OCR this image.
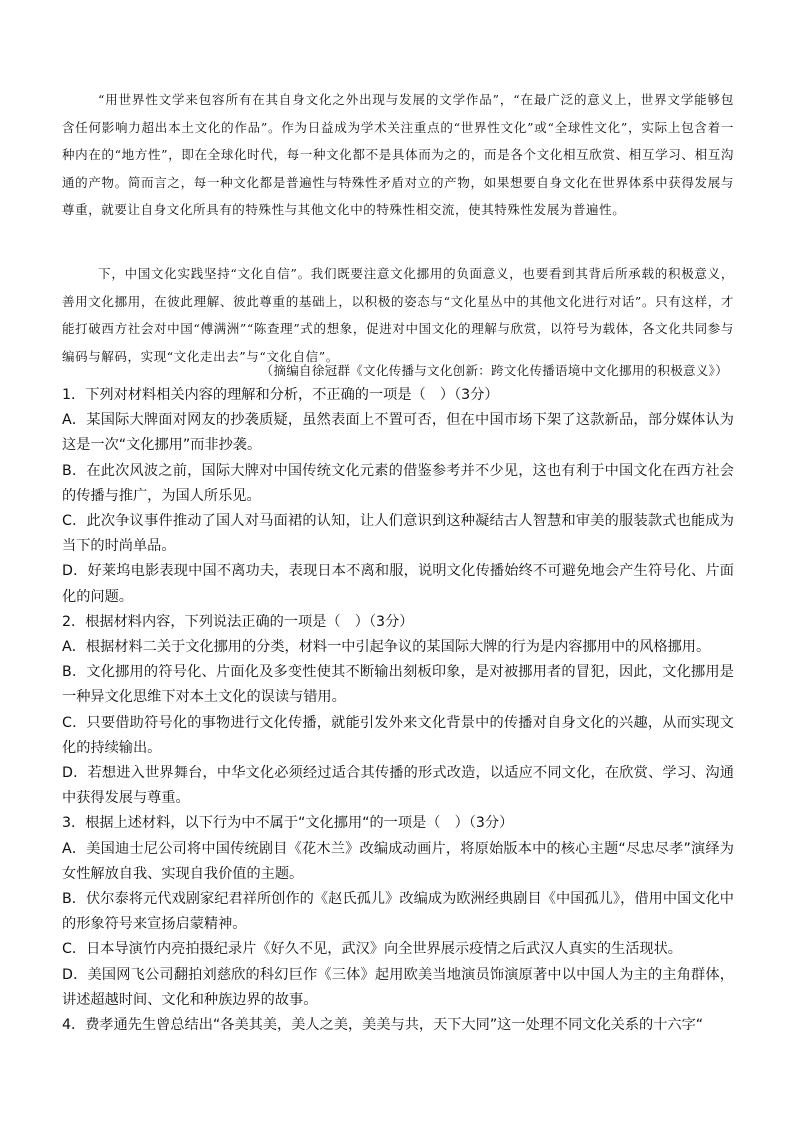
“用世界性文学来包容所有在其自身文化之外出现与发展的文学作品”，“在最广泛的意义上，世界文学能够包含任何影响力超出本土文化的作品”。作为日益成为学术关注重点的“世界性文化”或“全球性文化”，实际上包含着一种内在的“地方性”，即在全球化时代，每一种文化都不是具体而为之的，而是各个文化相互欣赏、相互学习、相互沟通的产物。简而言之，每一种文化都是普遍性与特殊性矛盾对立的产物，如果想要自身文化在世界体系中获得发展与尊重，就要让自身文化所具有的特殊性与其他文化中的特殊性相交流，使其特殊性发展为普遍性。
下，中国文化实践坚持“文化自信”。我们既要注意文化挪用的负面意义，也要看到其背后所承载的积极意义，善用文化挪用，在彼此理解、彼此尊重的基础上，以积极的姿态与“文化星丛中的其他文化进行对话”。只有这样，才能打破西方社会对中国“傅满洲”“陈查理”式的想象，促进对中国文化的理解与欣赏，以符号为载体，各文化共同参与编码与解码，实现“文化走出去”与“文化自信”。
（摘编自徐冠群《文化传播与文化创新：跨文化传播语境中文化挪用的积极意义》）
1．下列对材料相关内容的理解和分析，不正确的一项是（　）（3分）
A．某国际大牌面对网友的抄袭质疑，虽然表面上不置可否，但在中国市场下架了这款新品，部分媒体认为这是一次“文化挪用”而非抄袭。
B．在此次风波之前，国际大牌对中国传统文化元素的借鉴参考并不少见，这也有利于中国文化在西方社会的传播与推广，为国人所乐见。
C．此次争议事件推动了国人对马面裙的认知，让人们意识到这种凝结古人智慧和审美的服装款式也能成为当下的时尚单品。
D．好莱坞电影表现中国不离功夫，表现日本不离和服，说明文化传播始终不可避免地会产生符号化、片面化的问题。
2．根据材料内容，下列说法正确的一项是（　）（3分）
A．根据材料二关于文化挪用的分类，材料一中引起争议的某国际大牌的行为是内容挪用中的风格挪用。
B．文化挪用的符号化、片面化及多变性使其不断输出刻板印象，是对被挪用者的冒犯，因此，文化挪用是一种异文化思维下对本土文化的误读与错用。
C．只要借助符号化的事物进行文化传播，就能引发外来文化背景中的传播对自身文化的兴趣，从而实现文化的持续输出。
D．若想进入世界舞台，中华文化必须经过适合其传播的形式改造，以适应不同文化，在欣赏、学习、沟通中获得发展与尊重。
3．根据上述材料，以下行为中不属于“文化挪用“的一项是（　）（3分）
A．美国迪士尼公司将中国传统剧目《花木兰》改编成动画片，将原始版本中的核心主题“尽忠尽孝”演绎为女性解放自我、实现自我价值的主题。
B．伏尔泰将元代戏剧家纪君祥所创作的《赵氏孤儿》改编成为欧洲经典剧目《中国孤儿》，借用中国文化中的形象符号来宣扬启蒙精神。
C．日本导演竹内亮拍摄纪录片《好久不见，武汉》向全世界展示疫情之后武汉人真实的生活现状。
D．美国网飞公司翻拍刘慈欣的科幻巨作《三体》起用欧美当地演员饰演原著中以中国人为主的主角群体，讲述超越时间、文化和种族边界的故事。
4．费孝通先生曾总结出“各美其美，美人之美，美美与共，天下大同”这一处理不同文化关系的十六字“
